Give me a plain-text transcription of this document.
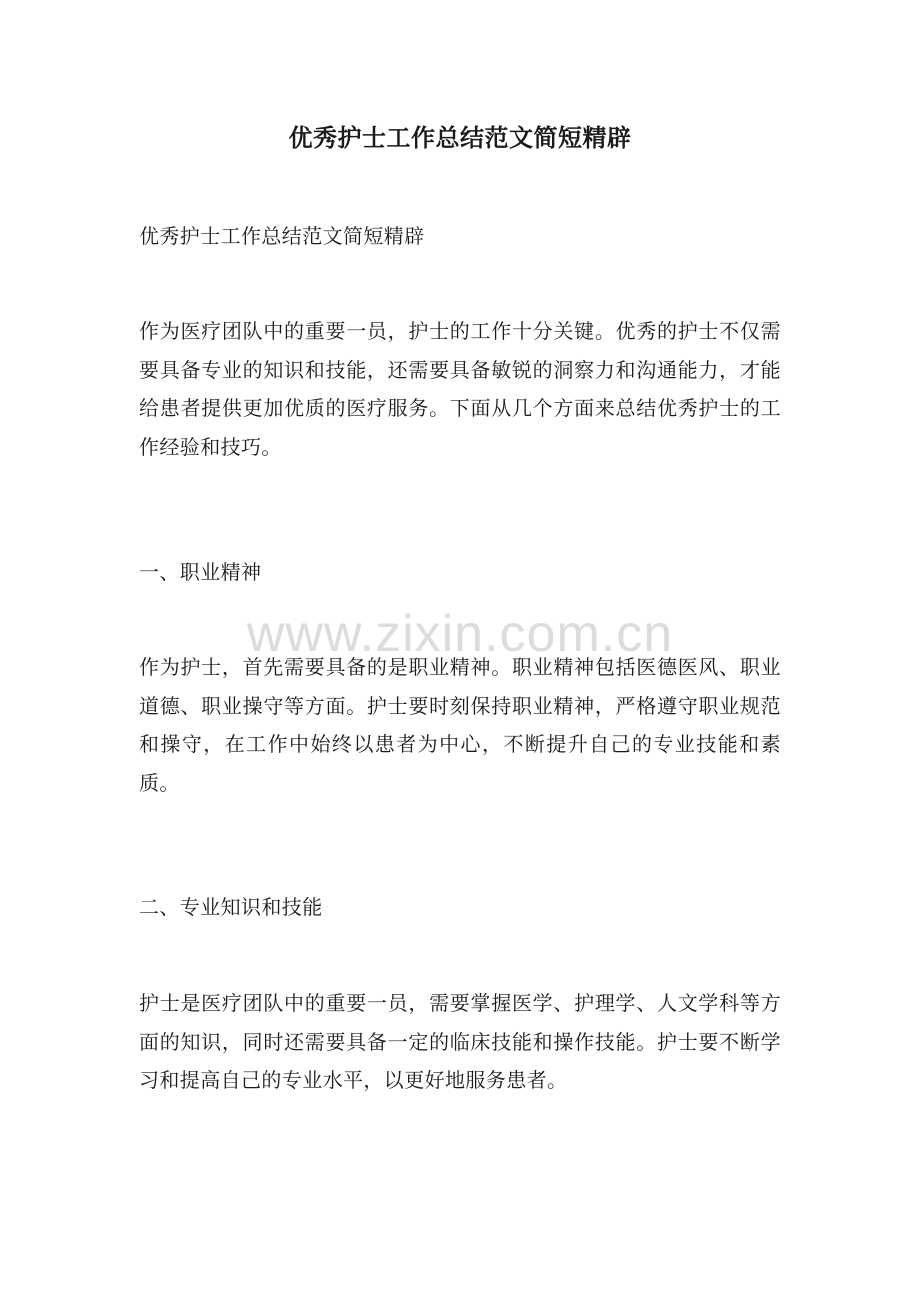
优秀护士工作总结范文简短精辟
优秀护士工作总结范文简短精辟
作为医疗团队中的重要一员，护士的工作十分关键。优秀的护士不仅需要具备专业的知识和技能，还需要具备敏锐的洞察力和沟通能力，才能给患者提供更加优质的医疗服务。下面从几个方面来总结优秀护士的工作经验和技巧。
一、职业精神
www.zixin.com.cn
作为护士，首先需要具备的是职业精神。职业精神包括医德医风、职业道德、职业操守等方面。护士要时刻保持职业精神，严格遵守职业规范和操守，在工作中始终以患者为中心，不断提升自己的专业技能和素质。
二、专业知识和技能
护士是医疗团队中的重要一员，需要掌握医学、护理学、人文学科等方面的知识，同时还需要具备一定的临床技能和操作技能。护士要不断学习和提高自己的专业水平，以更好地服务患者。
